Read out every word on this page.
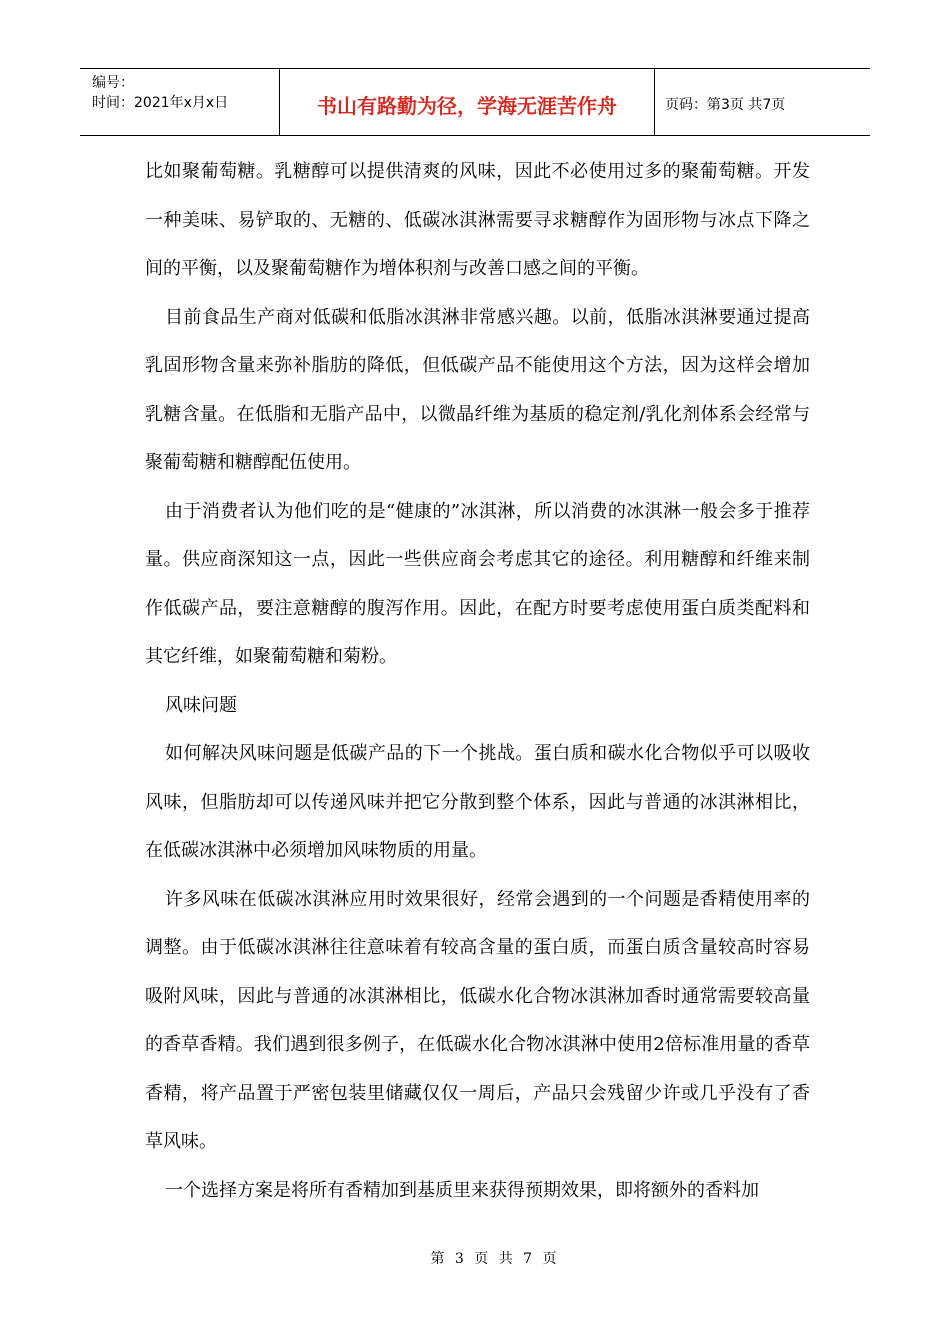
编号：
时间：2021年x月x日	书山有路勤为径，学海无涯苦作舟	页码：第3页 共7页

比如聚葡萄糖。乳糖醇可以提供清爽的风味，因此不必使用过多的聚葡萄糖。开发一种美味、易铲取的、无糖的、低碳冰淇淋需要寻求糖醇作为固形物与冰点下降之间的平衡，以及聚葡萄糖作为增体积剂与改善口感之间的平衡。

目前食品生产商对低碳和低脂冰淇淋非常感兴趣。以前，低脂冰淇淋要通过提高乳固形物含量来弥补脂肪的降低，但低碳产品不能使用这个方法，因为这样会增加乳糖含量。在低脂和无脂产品中，以微晶纤维为基质的稳定剂/乳化剂体系会经常与聚葡萄糖和糖醇配伍使用。

由于消费者认为他们吃的是“健康的”冰淇淋，所以消费的冰淇淋一般会多于推荐量。供应商深知这一点，因此一些供应商会考虑其它的途径。利用糖醇和纤维来制作低碳产品，要注意糖醇的腹泻作用。因此，在配方时要考虑使用蛋白质类配料和其它纤维，如聚葡萄糖和菊粉。

风味问题

如何解决风味问题是低碳产品的下一个挑战。蛋白质和碳水化合物似乎可以吸收风味，但脂肪却可以传递风味并把它分散到整个体系，因此与普通的冰淇淋相比，在低碳冰淇淋中必须增加风味物质的用量。

许多风味在低碳冰淇淋应用时效果很好，经常会遇到的一个问题是香精使用率的调整。由于低碳冰淇淋往往意味着有较高含量的蛋白质，而蛋白质含量较高时容易吸附风味，因此与普通的冰淇淋相比，低碳水化合物冰淇淋加香时通常需要较高量的香草香精。我们遇到很多例子，在低碳水化合物冰淇淋中使用2倍标准用量的香草香精，将产品置于严密包装里储藏仅仅一周后，产品只会残留少许或几乎没有了香草风味。

一个选择方案是将所有香精加到基质里来获得预期效果，即将额外的香料加

第 3 页 共 7 页
